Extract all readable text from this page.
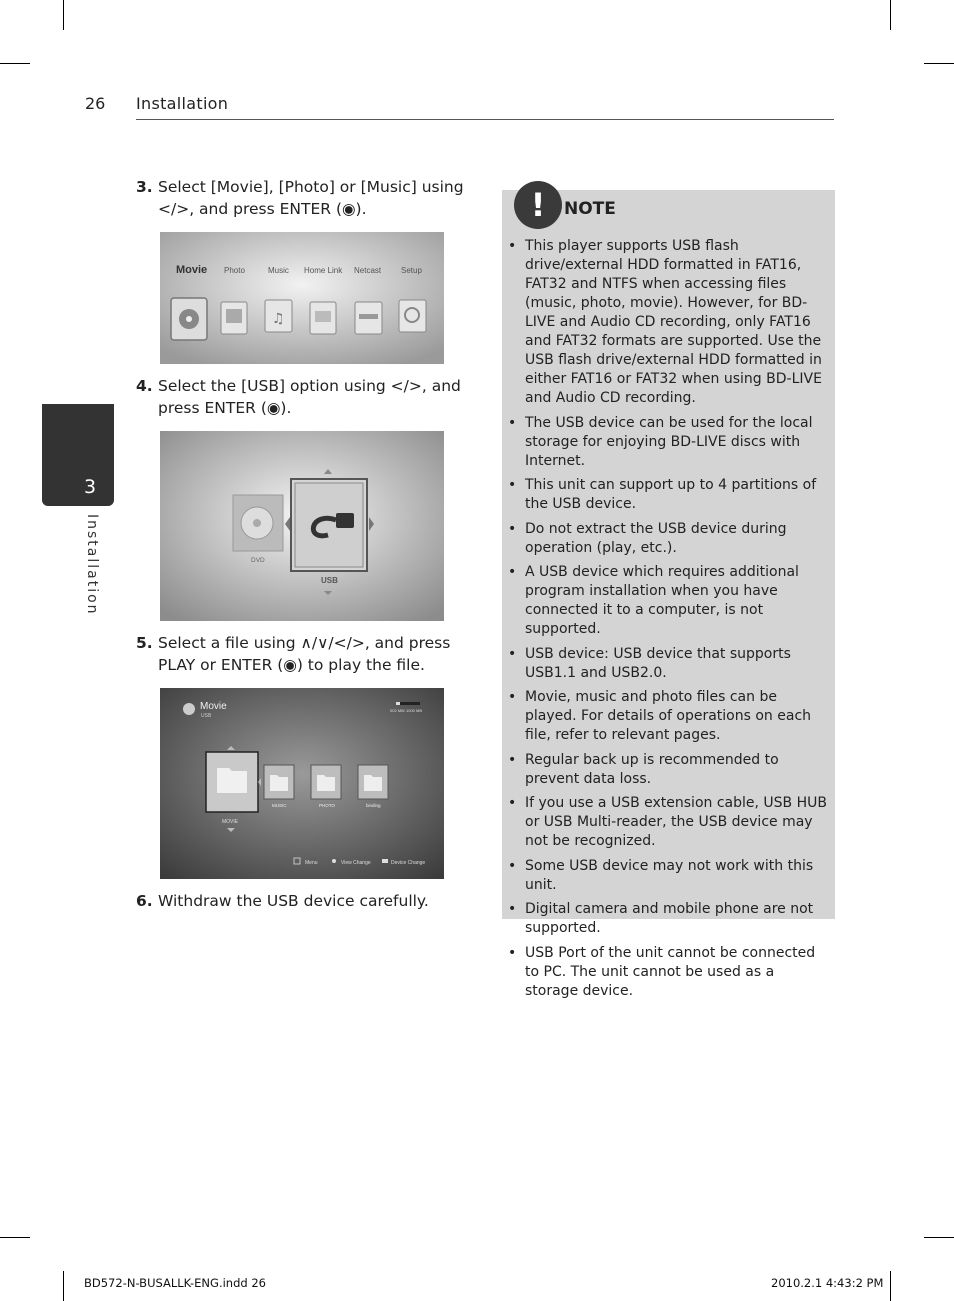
26 Installation
3
Installation
3. Select [Movie], [Photo] or [Music] using </>, and press ENTER (◉).
Movie Photo	Music Home Link Netcast Setup
♫
4. Select the [USB] option using </>, and press ENTER (◉).
DVD
USB
5. Select a file using ∧/∨/</>, and press PLAY or ENTER (◉) to play the file.
Movie
USB
002 MB/ 1000 MB
MOVIE
MUSIC	PHOTO	binding
Menu	View Change	Device Change
6. Withdraw the USB device carefully.
!	NOTE
• This player supports USB flash drive/external HDD formatted in FAT16, FAT32 and NTFS when accessing files (music, photo, movie). However, for BD-LIVE and Audio CD recording, only FAT16 and FAT32 formats are supported. Use the USB flash drive/external HDD formatted in either FAT16 or FAT32 when using BD-LIVE and Audio CD recording.
• The USB device can be used for the local storage for enjoying BD-LIVE discs with Internet.
• This unit can support up to 4 partitions of the USB device.
• Do not extract the USB device during operation (play, etc.).
• A USB device which requires additional program installation when you have connected it to a computer, is not supported.
• USB device: USB device that supports USB1.1 and USB2.0.
• Movie, music and photo files can be played. For details of operations on each file, refer to relevant pages.
• Regular back up is recommended to prevent data loss.
• If you use a USB extension cable, USB HUB or USB Multi-reader, the USB device may not be recognized.
• Some USB device may not work with this unit.
• Digital camera and mobile phone are not supported.
• USB Port of the unit cannot be connected to PC. The unit cannot be used as a storage device.
BD572-N-BUSALLK-ENG.indd 26	2010.2.1 4:43:2 PM
